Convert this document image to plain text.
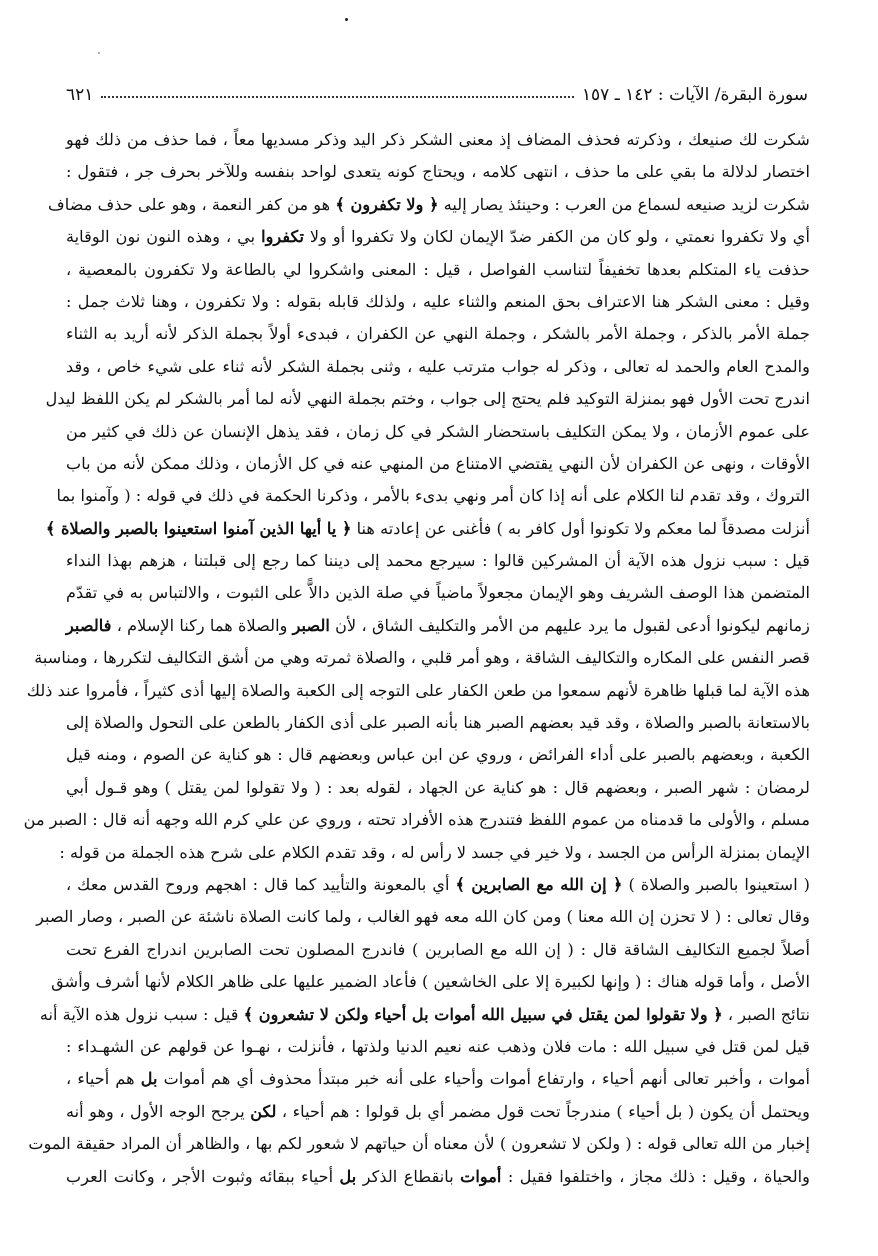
٦٢١	سورة البقرة/ الآيات : ١٤٢ ـ ١٥٧
شكرت لك صنيعك ، وذكرته فحذف المضاف إذ معنى الشكر ذكر اليد وذكر مسديها معاً ، فما حذف من ذلك فهو
اختصار لدلالة ما بقي على ما حذف ، انتهى كلامه ، ويحتاج كونه يتعدى لواحد بنفسه وللآخر بحرف جر ، فتقول :
شكرت لزيد صنيعه لسماع من العرب : وحينئذ يصار إليه ﴿ ولا تكفرون ﴾ هو من كفر النعمة ، وهو على حذف مضاف
أي ولا تكفروا نعمتي ، ولو كان من الكفر ضدّ الإيمان لكان ولا تكفروا أو ولا تكفروا بي ، وهذه النون نون الوقاية
حذفت ياء المتكلم بعدها تخفيفاً لتناسب الفواصل ، قيل : المعنى واشكروا لي بالطاعة ولا تكفرون بالمعصية ،
وقيل : معنى الشكر هنا الاعتراف بحق المنعم والثناء عليه ، ولذلك قابله بقوله : ولا تكفرون ، وهنا ثلاث جمل :
جملة الأمر بالذكر ، وجملة الأمر بالشكر ، وجملة النهي عن الكفران ، فبدىء أولاً بجملة الذكر لأنه أريد به الثناء
والمدح العام والحمد له تعالى ، وذكر له جواب مترتب عليه ، وثنى بجملة الشكر لأنه ثناء على شيء خاص ، وقد
اندرج تحت الأول فهو بمنزلة التوكيد فلم يحتج إلى جواب ، وختم بجملة النهي لأنه لما أمر بالشكر لم يكن اللفظ ليدل
على عموم الأزمان ، ولا يمكن التكليف باستحضار الشكر في كل زمان ، فقد يذهل الإنسان عن ذلك في كثير من
الأوقات ، ونهى عن الكفران لأن النهي يقتضي الامتناع من المنهي عنه في كل الأزمان ، وذلك ممكن لأنه من باب
التروك ، وقد تقدم لنا الكلام على أنه إذا كان أمر ونهي بدىء بالأمر ، وذكرنا الحكمة في ذلك في قوله : ( وآمنوا بما
أنزلت مصدقاً لما معكم ولا تكونوا أول كافر به ) فأغنى عن إعادته هنا ﴿ يا أيها الذين آمنوا استعينوا بالصبر والصلاة ﴾
قيل : سبب نزول هذه الآية أن المشركين قالوا : سيرجع محمد إلى ديننا كما رجع إلى قبلتنا ، هزهم بهذا النداء
المتضمن هذا الوصف الشريف وهو الإيمان مجعولاً ماضياً في صلة الذين دالاًّ على الثبوت ، والالتباس به في تقدّم
زمانهم ليكونوا أدعى لقبول ما يرد عليهم من الأمر والتكليف الشاق ، لأن الصبر والصلاة هما ركنا الإسلام ، فالصبر
قصر النفس على المكاره والتكاليف الشاقة ، وهو أمر قلبي ، والصلاة ثمرته وهي من أشق التكاليف لتكررها ، ومناسبة
هذه الآية لما قبلها ظاهرة لأنهم سمعوا من طعن الكفار على التوجه إلى الكعبة والصلاة إليها أذى كثيراً ، فأمروا عند ذلك
بالاستعانة بالصبر والصلاة ، وقد قيد بعضهم الصبر هنا بأنه الصبر على أذى الكفار بالطعن على التحول والصلاة إلى
الكعبة ، وبعضهم بالصبر على أداء الفرائض ، وروي عن ابن عباس وبعضهم قال : هو كناية عن الصوم ، ومنه قيل
لرمضان : شهر الصبر ، وبعضهم قال : هو كناية عن الجهاد ، لقوله بعد : ( ولا تقولوا لمن يقتل ) وهو قـول أبي
مسلم ، والأولى ما قدمناه من عموم اللفظ فتندرج هذه الأفراد تحته ، وروي عن علي كرم الله وجهه أنه قال : الصبر من
الإيمان بمنزلة الرأس من الجسد ، ولا خير في جسد لا رأس له ، وقد تقدم الكلام على شرح هذه الجملة من قوله :
( استعينوا بالصبر والصلاة ) ﴿ إن الله مع الصابرين ﴾ أي بالمعونة والتأييد كما قال : اهجهم وروح القدس معك ،
وقال تعالى : ( لا تحزن إن الله معنا ) ومن كان الله معه فهو الغالب ، ولما كانت الصلاة ناشئة عن الصبر ، وصار الصبر
أصلاً لجميع التكاليف الشاقة قال : ( إن الله مع الصابرين ) فاندرج المصلون تحت الصابرين اندراج الفرع تحت
الأصل ، وأما قوله هناك : ( وإنها لكبيرة إلا على الخاشعين ) فأعاد الضمير عليها على ظاهر الكلام لأنها أشرف وأشق
نتائج الصبر ، ﴿ ولا تقولوا لمن يقتل في سبيل الله أموات بل أحياء ولكن لا تشعرون ﴾ قيل : سبب نزول هذه الآية أنه
قيل لمن قتل في سبيل الله : مات فلان وذهب عنه نعيم الدنيا ولذتها ، فأنزلت ، نهـوا عن قولهم عن الشهـداء :
أموات ، وأخبر تعالى أنهم أحياء ، وارتفاع أموات وأحياء على أنه خبر مبتدأ محذوف أي هم أموات بل هم أحياء ،
ويحتمل أن يكون ( بل أحياء ) مندرجاً تحت قول مضمر أي بل قولوا : هم أحياء ، لكن يرجح الوجه الأول ، وهو أنه
إخبار من الله تعالى قوله : ( ولكن لا تشعرون ) لأن معناه أن حياتهم لا شعور لكم بها ، والظاهر أن المراد حقيقة الموت
والحياة ، وقيل : ذلك مجاز ، واختلفوا فقيل : أموات بانقطاع الذكر بل أحياء ببقائه وثبوت الأجر ، وكانت العرب
